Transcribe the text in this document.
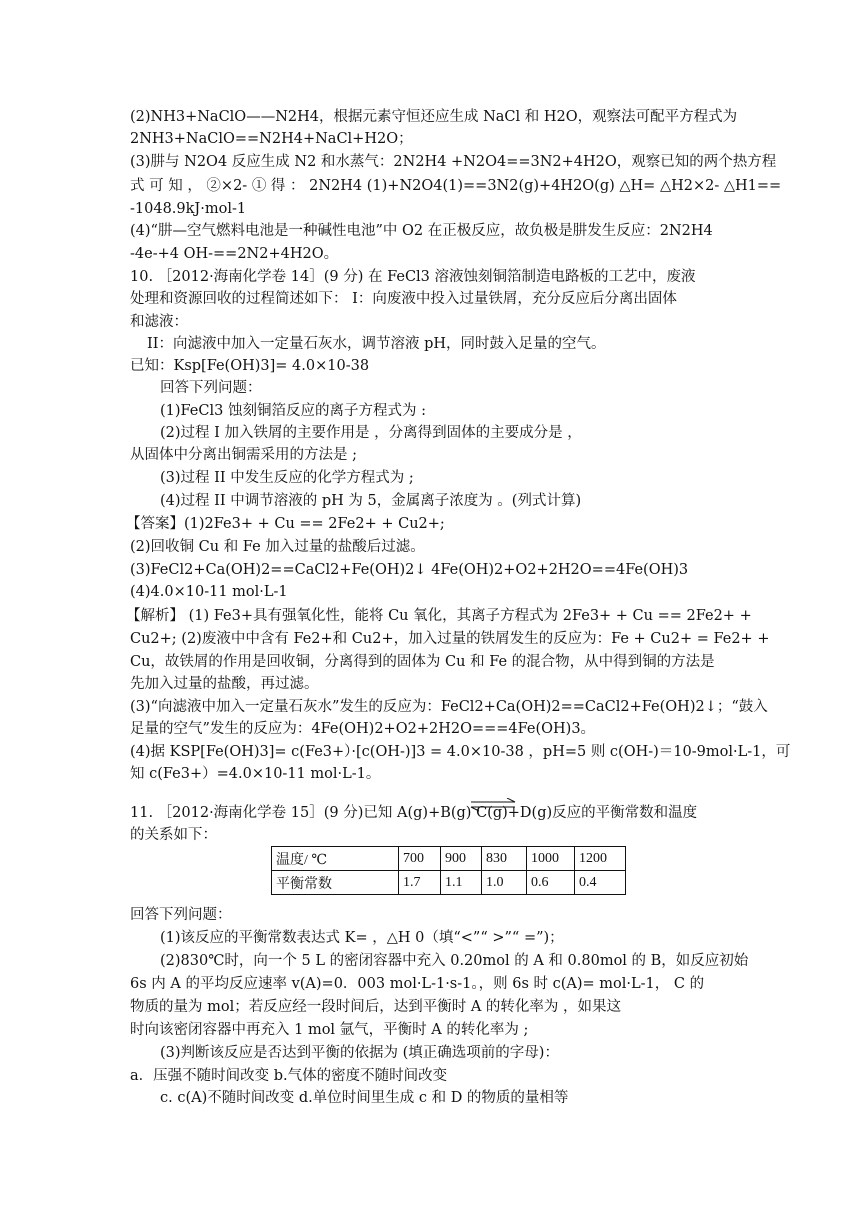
(2)NH3+NaClO——N2H4，根据元素守恒还应生成 NaCl 和 H2O，观察法可配平方程式为
2NH3+NaClO==N2H4+NaCl+H2O；
(3)肼与 N2O4 反应生成 N2 和水蒸气：2N2H4 +N2O4==3N2+4H2O，观察已知的两个热方程
式 可 知 ， ②×2- ① 得 ： 2N2H4 (1)+N2O4(1)==3N2(g)+4H2O(g) △H= △H2×2- △H1==
-1048.9kJ·mol-1
(4)“肼—空气燃料电池是一种碱性电池”中 O2 在正极反应，故负极是肼发生反应：2N2H4
-4e-+4 OH-==2N2+4H2O。
10. ［2012·海南化学卷 14］(9 分) 在 FeCl3 溶液蚀刻铜箔制造电路板的工艺中，废液
处理和资源回收的过程简述如下： I：向废液中投入过量铁屑，充分反应后分离出固体
和滤液：
II：向滤液中加入一定量石灰水，调节溶液 pH，同时鼓入足量的空气。
已知：Ksp[Fe(OH)3]= 4.0×10-38
回答下列问题：
(1)FeCl3 蚀刻铜箔反应的离子方程式为 :
(2)过程 I 加入铁屑的主要作用是 ，分离得到固体的主要成分是 ，
从固体中分离出铜需采用的方法是 ;
(3)过程 II 中发生反应的化学方程式为 ;
(4)过程 II 中调节溶液的 pH 为 5，金属离子浓度为 。(列式计算)
【答案】(1)2Fe3+ + Cu == 2Fe2+ + Cu2+;
(2)回收铜 Cu 和 Fe 加入过量的盐酸后过滤。
(3)FeCl2+Ca(OH)2==CaCl2+Fe(OH)2↓ 4Fe(OH)2+O2+2H2O==4Fe(OH)3
(4)4.0×10-11 mol·L-1
【解析】 (1) Fe3+具有强氧化性，能将 Cu 氧化，其离子方程式为 2Fe3+ + Cu == 2Fe2+ +
Cu2+; (2)废液中中含有 Fe2+和 Cu2+，加入过量的铁屑发生的反应为：Fe + Cu2+ = Fe2+ +
Cu，故铁屑的作用是回收铜，分离得到的固体为 Cu 和 Fe 的混合物，从中得到铜的方法是
先加入过量的盐酸，再过滤。
(3)“向滤液中加入一定量石灰水”发生的反应为：FeCl2+Ca(OH)2==CaCl2+Fe(OH)2↓；“鼓入
足量的空气”发生的反应为：4Fe(OH)2+O2+2H2O===4Fe(OH)3。
(4)据 KSP[Fe(OH)3]= c(Fe3+）·[c(OH-)]3 = 4.0×10-38 ，pH=5 则 c(OH-)＝10-9mol·L-1，可
知 c(Fe3+）=4.0×10-11 mol·L-1。
11. ［2012·海南化学卷 15］(9 分)已知 A(g)+B(g) C(g)+D(g)反应的平衡常数和温度
的关系如下：
温度/ ℃	700	900	830	1000	1200
平衡常数	1.7	1.1	1.0	0.6	0.4
回答下列问题：
(1)该反应的平衡常数表达式 K= ，△H 0（填“<”“ >”“ =”)；
(2)830℃时，向一个 5 L 的密闭容器中充入 0.20mol 的 A 和 0.80mol 的 B，如反应初始
6s 内 A 的平均反应速率 v(A)=0．003 mol·L-1·s-1。，则 6s 时 c(A)= mol·L-1， C 的
物质的量为 mol；若反应经一段时间后，达到平衡时 A 的转化率为 ，如果这
时向该密闭容器中再充入 1 mol 氩气，平衡时 A 的转化率为 ;
(3)判断该反应是否达到平衡的依据为 (填正确选项前的字母)：
a．压强不随时间改变 b.气体的密度不随时间改变
c. c(A)不随时间改变 d.单位时间里生成 c 和 D 的物质的量相等
